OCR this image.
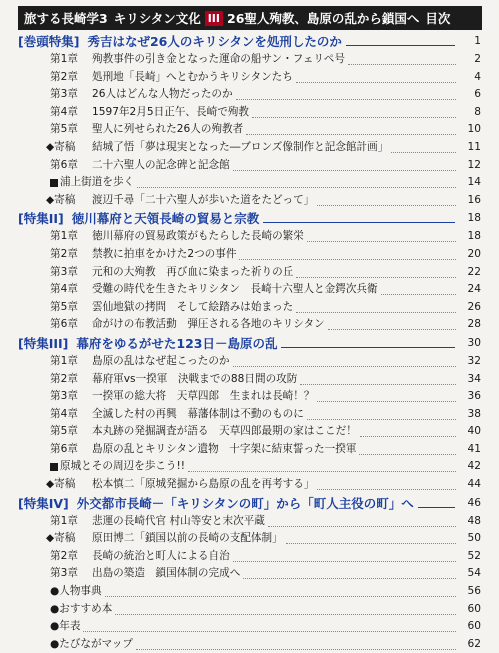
旅する長崎学3 キリシタン文化 III 26聖人殉教、島原の乱から鎖国へ 目次
[巻頭特集] 秀吉はなぜ26人のキリシタンを処刑したのか	1
第1章	殉教事件の引き金となった運命の船サン・フェリペ号	2
第2章	処刑地「長崎」へとむかうキリシタンたち	4
第3章	26人はどんな人物だったのか	6
第4章	1597年2月5日正午、長崎で殉教	8
第5章	聖人に列せられた26人の殉教者	10
◆寄稿	結城了悟「夢は現実となった―ブロンズ像制作と記念館計画」	11
第6章	二十六聖人の記念碑と記念館	12
浦上街道を歩く	14
◆寄稿	渡辺千尋「二十六聖人が歩いた道をたどって」	16
[特集II] 徳川幕府と天領長崎の貿易と宗教	18
第1章	徳川幕府の貿易政策がもたらした長崎の繁栄	18
第2章	禁教に拍車をかけた2つの事件	20
第3章	元和の大殉教　再び血に染まった祈りの丘	22
第4章	受難の時代を生きたキリシタン　長崎十六聖人と金鍔次兵衛	24
第5章	雲仙地獄の拷問　そして絵踏みは始まった	26
第6章	命がけの布教活動　弾圧される各地のキリシタン	28
[特集III] 幕府をゆるがせた123日－島原の乱	30
第1章	島原の乱はなぜ起こったのか	32
第2章	幕府軍vs一揆軍　決戦までの88日間の攻防	34
第3章	一揆軍の総大将　天草四郎　生まれは長崎！？	36
第4章	全滅した村の再興　幕藩体制は不動のものに	38
第5章	本丸跡の発掘調査が語る　天草四郎最期の家はここだ！	40
第6章	島原の乱とキリシタン遺物　十字架に結束誓った一揆軍	41
原城とその周辺を歩こう!!	42
◆寄稿	松本慎二「原城発掘から島原の乱を再考する」	44
[特集IV] 外交都市長崎－「キリシタンの町」から「町人主役の町」へ	46
第1章	悲運の長崎代官 村山等安と末次平蔵	48
◆寄稿	原田博二「鎖国以前の長崎の支配体制」	50
第2章	長崎の統治と町人による自治	52
第3章	出島の築造　鎖国体制の完成へ	54
●人物事典	56
●おすすめ本	60
●年表	60
●たびながマップ	62
